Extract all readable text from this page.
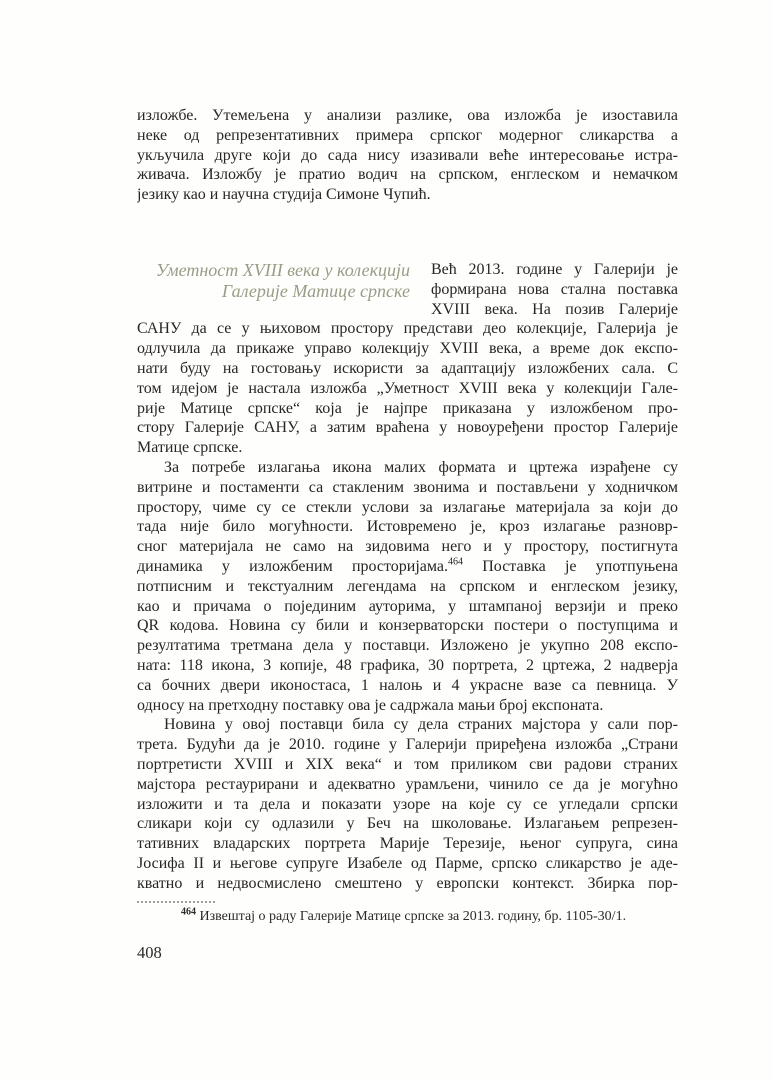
изложбе. Утемељена у анализи разлике, ова изложба је изоставила
неке од репрезентативних примера српског модерног сликарства а
укључила друге који до сада нису изазивали веће интересовање истра-
живача. Изложбу је пратио водич на српском, енглеском и немачком
језику као и научна студија Симоне Чупић.
Уметност XVIII века у колекцији
Галерије Матице српске
Већ 2013. године у Галерији је
формирана нова стална поставка
XVIII века. На позив Галерије
САНУ да се у њиховом простору представи део колекције, Галерија је
одлучила да прикаже управо колекцију XVIII века, а време док експо-
нати буду на гостовању искористи за адаптацију изложбених сала. С
том идејом је настала изложба „Уметност XVIII века у колекцији Гале-
рије Матице српске“ која је најпре приказана у изложбеном про-
стору Галерије САНУ, а затим враћена у новоуређени простор Галерије
Матице српске.
За потребе излагања икона малих формата и цртежа израђене су
витрине и постаменти са стакленим звонима и постављени у ходничком
простору, чиме су се стекли услови за излагање материјала за који до
тада није било могућности. Истовремено је, кроз излагање разновр-
сног материјала не само на зидовима него и у простору, постигнута
динамика у изложбеним просторијама.$^{464}$ Поставка је употпуњена
потписним и текстуалним легендама на српском и енглеском језику,
као и причама о појединим ауторима, у штампаној верзији и преко
QR кодова. Новина су били и конзерваторски постери о поступцима и
резултатима третмана дела у поставци. Изложено је укупно 208 експо-
ната: 118 икона, 3 копије, 48 графика, 30 портрета, 2 цртежа, 2 надверја
са бочних двери иконостаса, 1 налоњ и 4 украсне вазе са певница. У
односу на претходну поставку ова је садржала мањи број експоната.
Новина у овој поставци била су дела страних мајстора у сали пор-
трета. Будући да је 2010. године у Галерији приређена изложба „Страни
портретисти XVIII и XIX века“ и том приликом сви радови страних
мајстора рестаурирани и адекватно урамљени, чинило се да је могућно
изложити и та дела и показати узоре на које су се угледали српски
сликари који су одлазили у Беч на школовање. Излагањем репрезен-
тативних владарских портрета Марије Терезије, њеног супруга, сина
Јосифа II и његове супруге Изабеле од Парме, српско сликарство је аде-
кватно и недвосмислено смештено у европски контекст. Збирка пор-
$^{464}$ Извештај о раду Галерије Матице српске за 2013. годину, бр. 1105-30/1.
408
